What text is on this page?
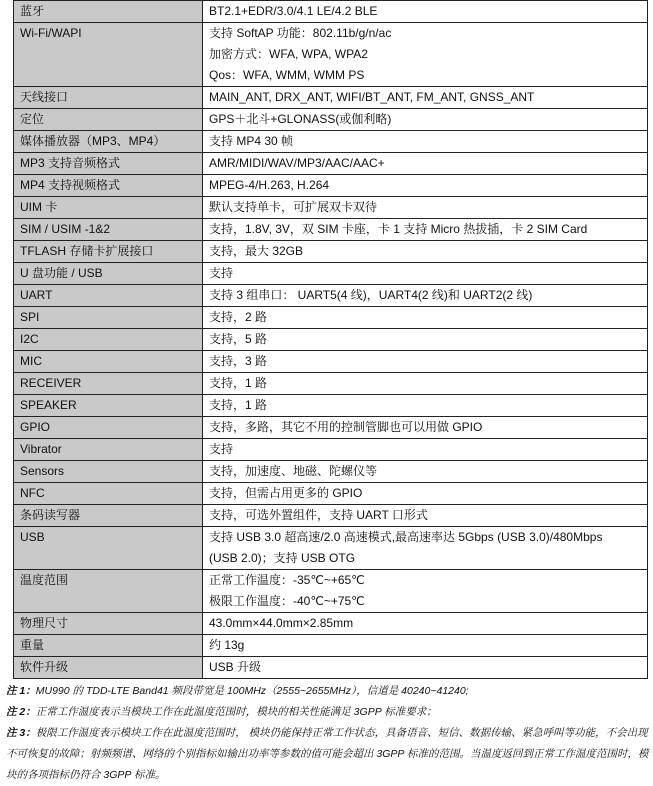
蓝牙	BT2.1+EDR/3.0/4.1 LE/4.2 BLE

Wi-Fi/WAPI	支持 SoftAP 功能：802.11b/g/n/ac
加密方式：WFA, WPA, WPA2
Qos：WFA, WMM, WMM PS

天线接口	MAIN_ANT, DRX_ANT, WIFI/BT_ANT, FM_ANT, GNSS_ANT

定位	GPS＋北斗+GLONASS(或伽利略)

媒体播放器（MP3、MP4）	支持 MP4 30 帧

MP3 支持音频格式	AMR/MIDI/WAV/MP3/AAC/AAC+

MP4 支持视频格式	MPEG-4/H.263, H.264

UIM 卡	默认支持单卡，可扩展双卡双待

SIM / USIM -1&2	支持，1.8V, 3V，双 SIM 卡座，卡 1 支持 Micro 热拔插，卡 2 SIM Card

TFLASH 存储卡扩展接口	支持，最大 32GB

U 盘功能 / USB	支持

UART	支持 3 组串口： UART5(4 线)，UART4(2 线)和 UART2(2 线)

SPI	支持，2 路

I2C	支持，5 路

MIC	支持，3 路

RECEIVER	支持，1 路

SPEAKER	支持，1 路

GPIO	支持，多路，其它不用的控制管脚也可以用做 GPIO

Vibrator	支持

Sensors	支持，加速度、地磁、陀螺仪等

NFC	支持，但需占用更多的 GPIO

条码读写器	支持，可选外置组件，支持 UART 口形式

USB	支持 USB 3.0 超高速/2.0 高速模式,最高速率达 5Gbps (USB 3.0)/480Mbps
(USB 2.0)；支持 USB OTG

温度范围	正常工作温度：-35℃~+65℃
极限工作温度：-40℃~+75℃

物理尺寸	43.0mm×44.0mm×2.85mm

重量	约 13g

软件升级	USB 升级
注 1：MU990 的 TDD-LTE Band41 频段带宽是 100MHz（2555~2655MHz），信道是 40240~41240;
注 2：正常工作温度表示当模块工作在此温度范围时，模块的相关性能满足 3GPP 标准要求；
注 3：极限工作温度表示模块工作在此温度范围时， 模块仍能保持正常工作状态，具备语音、短信、数据传输、紧急呼叫等功能，不会出现不可恢复的故障；射频频谱、网络的个别指标如输出功率等参数的值可能会超出 3GPP 标准的范围。当温度返回到正常工作温度范围时，模块的各项指标仍符合 3GPP 标准。
